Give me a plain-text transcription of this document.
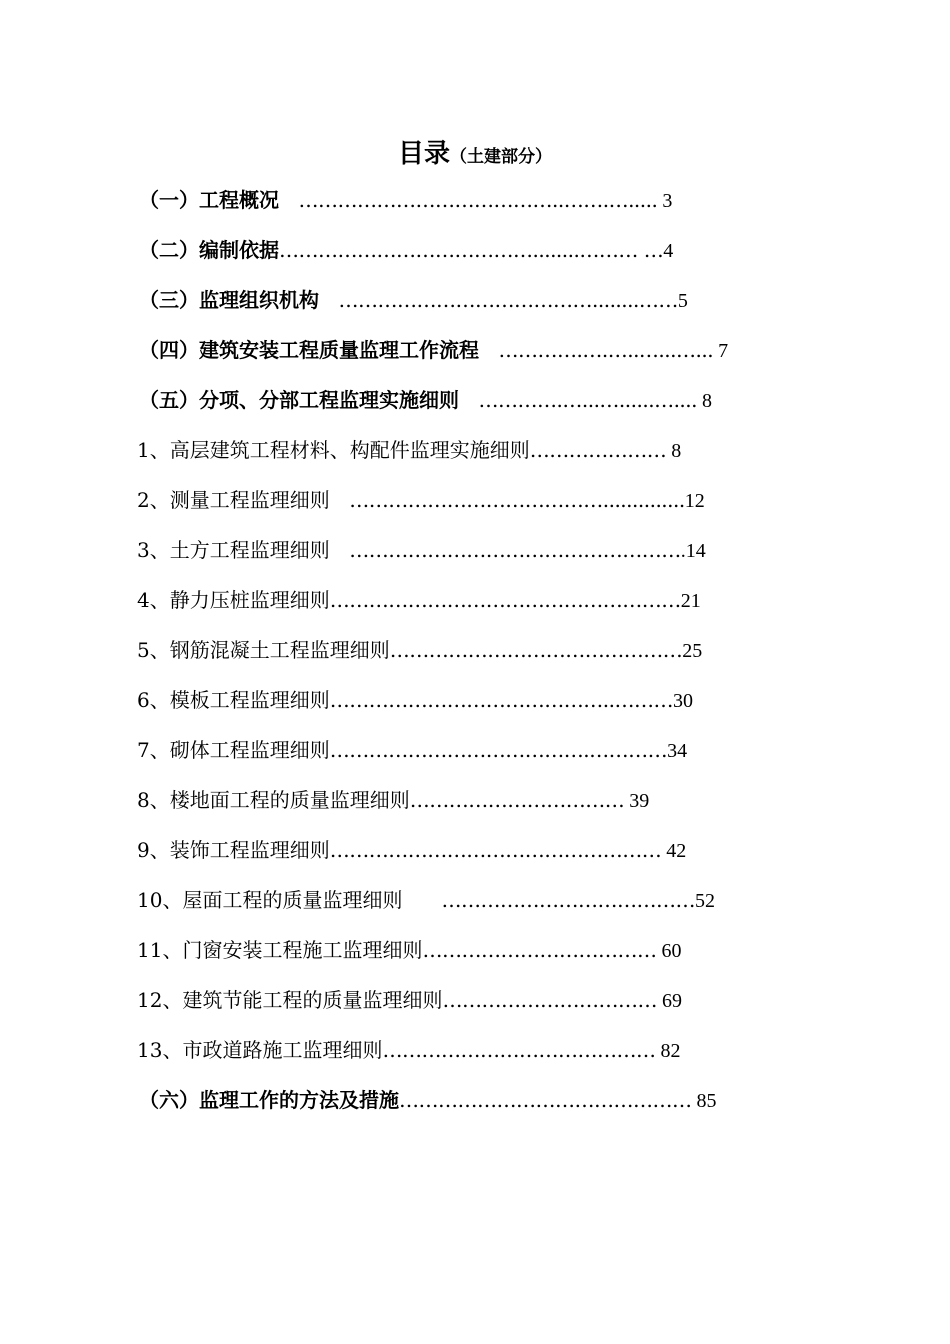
目录（土建部分）
（一）工程概况　…………………………………..…….…..... 3
（二）编制依据…………………………………........……… …4
（三）监理组织机构　…………………………………........……5
（四）建筑安装工程质量监理工作流程　………….….…..…...…... 7
（五）分项、分部工程监理实施细则　………….…...…......….... 8
1、高层建筑工程材料、构配件监理实施细则………………… 8
2、测量工程监理细则　…………………………………..............12
3、土方工程监理细则　…………………………………………….14
4、静力压桩监理细则………………………………………………21
5、钢筋混凝土工程监理细则………………………………………25
6、模板工程监理细则……………………………………..………30
7、砌体工程监理细则………………………………….…………34
8、楼地面工程的质量监理细则…………………………… 39
9、装饰工程监理细则…………………………………………… 42
10、屋面工程的质量监理细则　　…………………………………52
11、门窗安装工程施工监理细则……………………………… 60
12、建筑节能工程的质量监理细则…………………………… 69
13、市政道路施工监理细则…………………………………… 82
（六）监理工作的方法及措施……………………………………… 85
